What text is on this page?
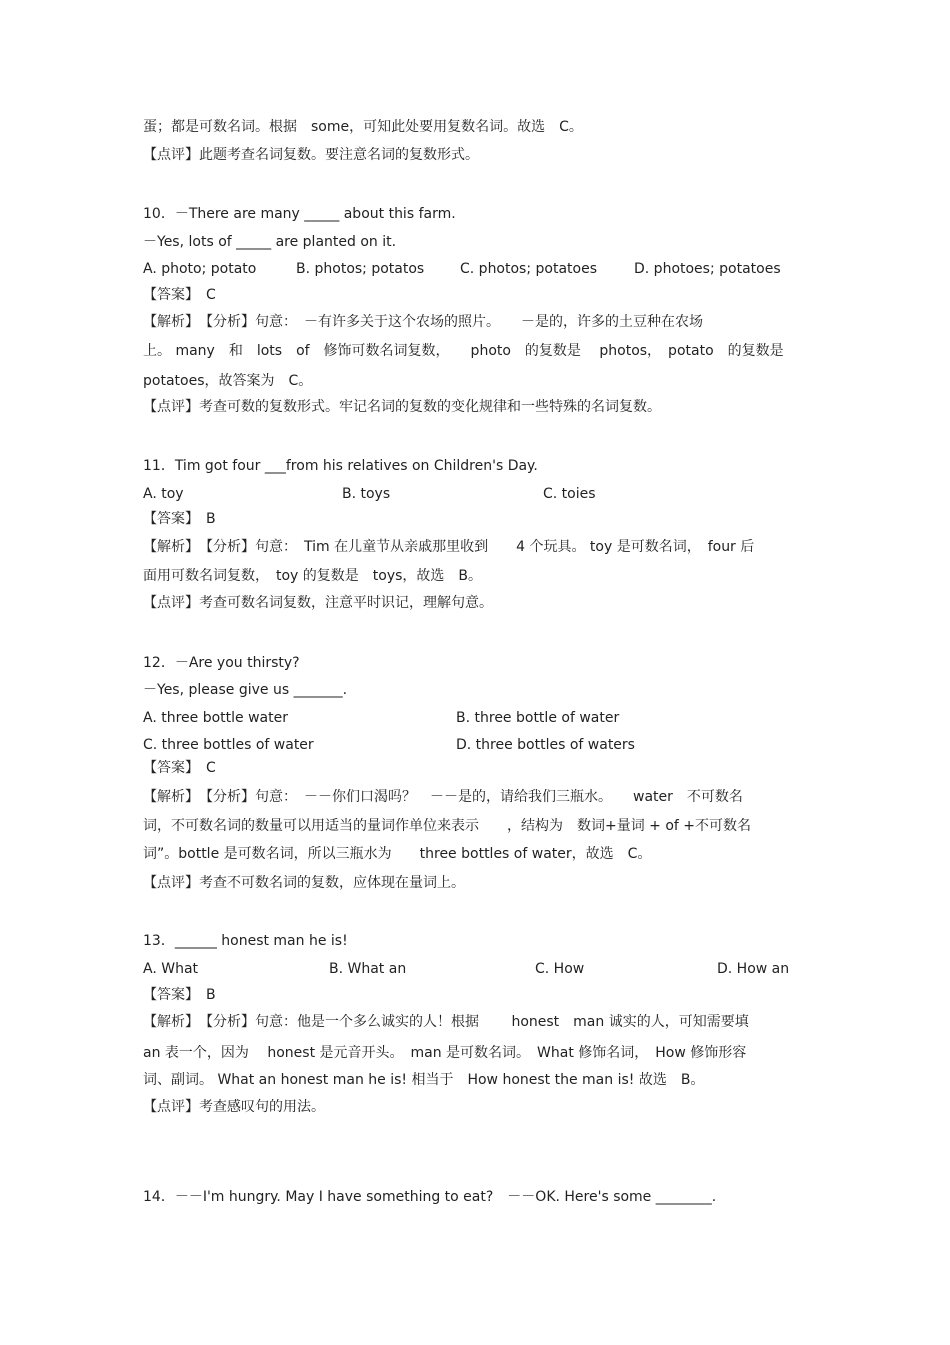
蛋；都是可数名词。根据　some，可知此处要用复数名词。故选　C。
【点评】此题考查名词复数。要注意名词的复数形式。
10．－There are many _____ about this farm.
－Yes, lots of _____ are planted on it.
A. photo; potato	B. photos; potatos	C. photos; potatoes	D. photoes; potatoes
【答案】　C
【解析】　【分析】句意：　－有许多关于这个农场的照片。　　－是的，许多的土豆种在农场
上。 many　和　lots　of　修饰可数名词复数，　　photo　的复数是　 photos，　potato　的复数是
potatoes，故答案为　C。
【点评】考查可数的复数形式。牢记名词的复数的变化规律和一些特殊的名词复数。
11．Tim got four ___from his relatives on Children's Day.
A. toy	B. toys	C. toies
【答案】　B
【解析】　【分析】句意：　Tim 在儿童节从亲戚那里收到　　4 个玩具。 toy 是可数名词，　four 后
面用可数名词复数，　toy 的复数是　toys，故选　B。
【点评】考查可数名词复数，注意平时识记，理解句意。
12．－Are you thirsty?
－Yes, please give us _______.
A. three bottle water	B. three bottle of water
C. three bottles of water	D. three bottles of waters
【答案】　C
【解析】　【分析】句意：　－－你们口渴吗？　－－是的，请给我们三瓶水。　　water　不可数名
词，不可数名词的数量可以用适当的量词作单位来表示　　，结构为　数词+量词 + of +不可数名
词”。bottle 是可数名词，所以三瓶水为　　three bottles of water，故选　C。
【点评】考查不可数名词的复数，应体现在量词上。
13．______ honest man he is!
A. What	B. What an	C. How	D. How an
【答案】　B
【解析】　【分析】句意：他是一个多么诚实的人！根据　　 honest　man 诚实的人，可知需要填
an 表一个，因为　 honest 是元音开头。　man 是可数名词。　What 修饰名词，　How 修饰形容
词、副词。 What an honest man he is! 相当于　How honest the man is! 故选　B。
【点评】考查感叹句的用法。
14．－－I'm hungry. May I have something to eat?　－－OK. Here's some ________.
